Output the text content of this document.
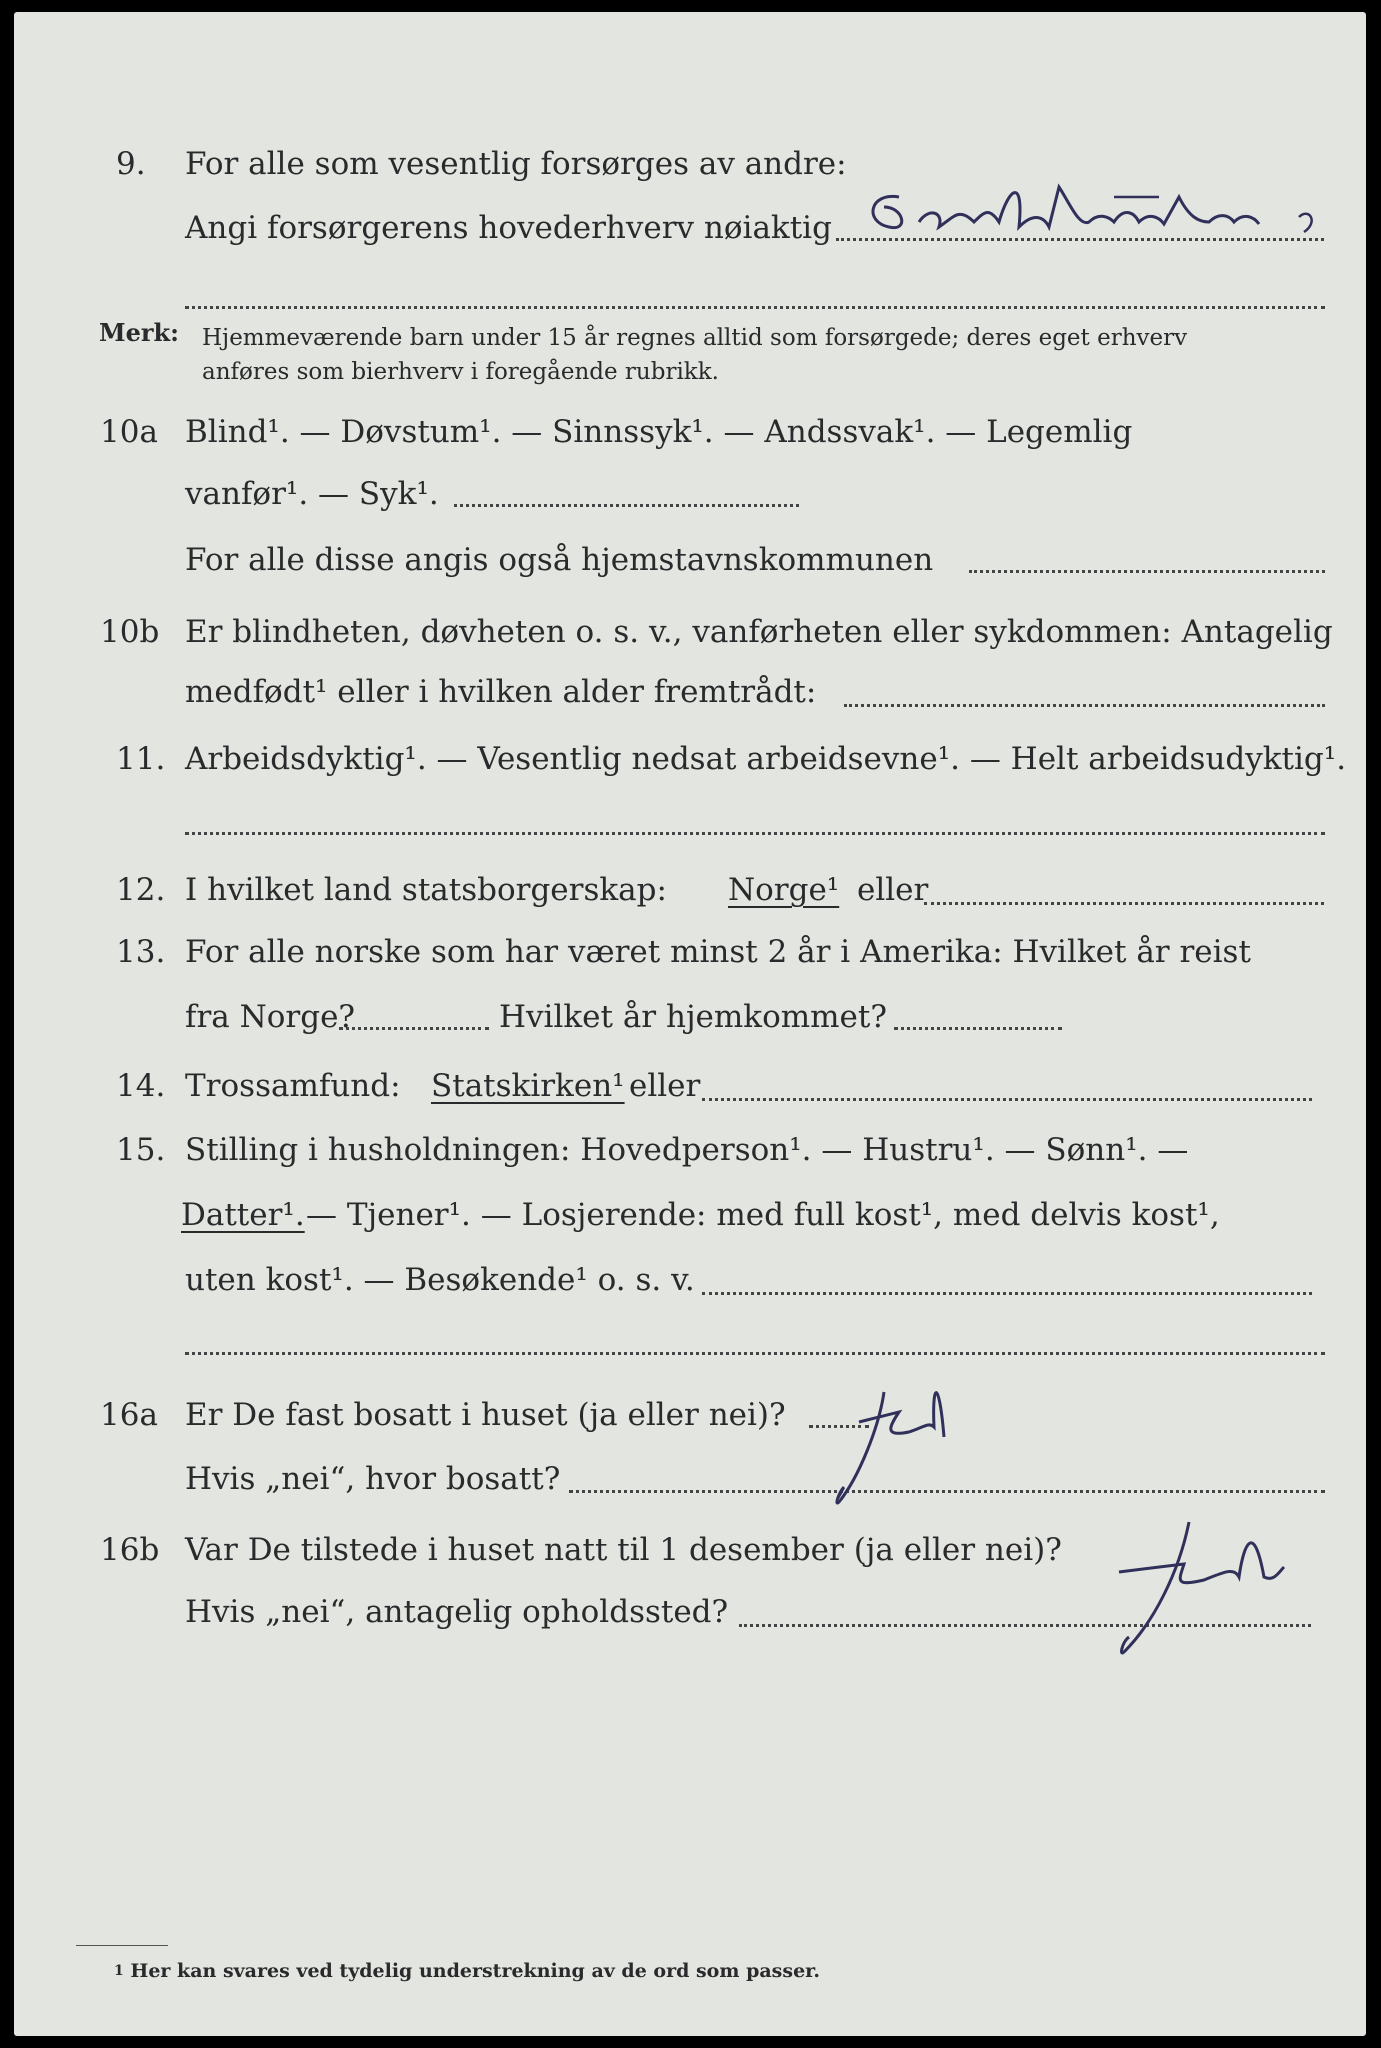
9. For alle som vesentlig forsørges av andre:
Angi forsørgerens hovederhverv nøiaktig
Merk: Hjemmeværende barn under 15 år regnes alltid som forsørgede; deres eget erhverv
anføres som bierhverv i foregående rubrikk.
10a Blind¹. — Døvstum¹. — Sinnssyk¹. — Andssvak¹. — Legemlig
vanfør¹. — Syk¹.
For alle disse angis også hjemstavnskommunen
10b Er blindheten, døvheten o. s. v., vanførheten eller sykdommen: Antagelig
medfødt¹ eller i hvilken alder fremtrådt:
11. Arbeidsdyktig¹. — Vesentlig nedsat arbeidsevne¹. — Helt arbeidsudyktig¹.
12. I hvilket land statsborgerskap: Norge¹ eller
13. For alle norske som har været minst 2 år i Amerika: Hvilket år reist
fra Norge?	Hvilket år hjemkommet?
14. Trossamfund: Statskirken¹ eller
15. Stilling i husholdningen: Hovedperson¹. — Hustru¹. — Sønn¹. —
Datter¹. — Tjener¹. — Losjerende: med full kost¹, med delvis kost¹,
uten kost¹. — Besøkende¹ o. s. v.
16a Er De fast bosatt i huset (ja eller nei)?
Hvis „nei“, hvor bosatt?
16b Var De tilstede i huset natt til 1 desember (ja eller nei)?
Hvis „nei“, antagelig opholdssted?
$^1$ Her kan svares ved tydelig understrekning av de ord som passer.
